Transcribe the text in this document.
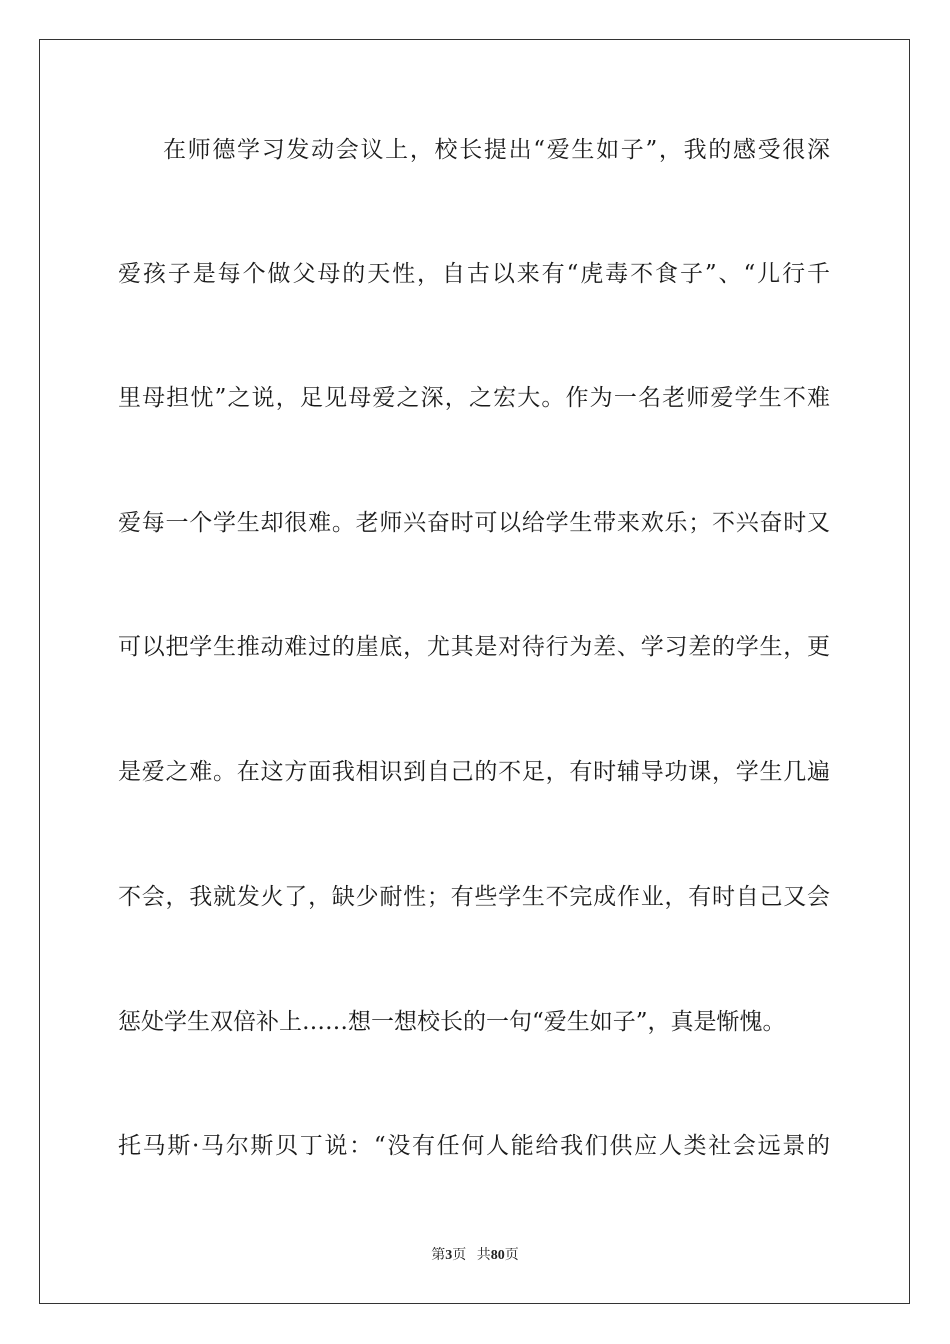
在师德学习发动会议上，校长提出“爱生如子”，我的感受很深
爱孩子是每个做父母的天性，自古以来有“虎毒不食子”、“儿行千
里母担忧”之说，足见母爱之深，之宏大。作为一名老师爱学生不难
爱每一个学生却很难。老师兴奋时可以给学生带来欢乐；不兴奋时又
可以把学生推动难过的崖底，尤其是对待行为差、学习差的学生，更
是爱之难。在这方面我相识到自己的不足，有时辅导功课，学生几遍
不会，我就发火了，缺少耐性；有些学生不完成作业，有时自己又会
惩处学生双倍补上……想一想校长的一句“爱生如子”，真是惭愧。
托马斯·马尔斯贝丁说：“没有任何人能给我们供应人类社会远景的
第3页 共80页
